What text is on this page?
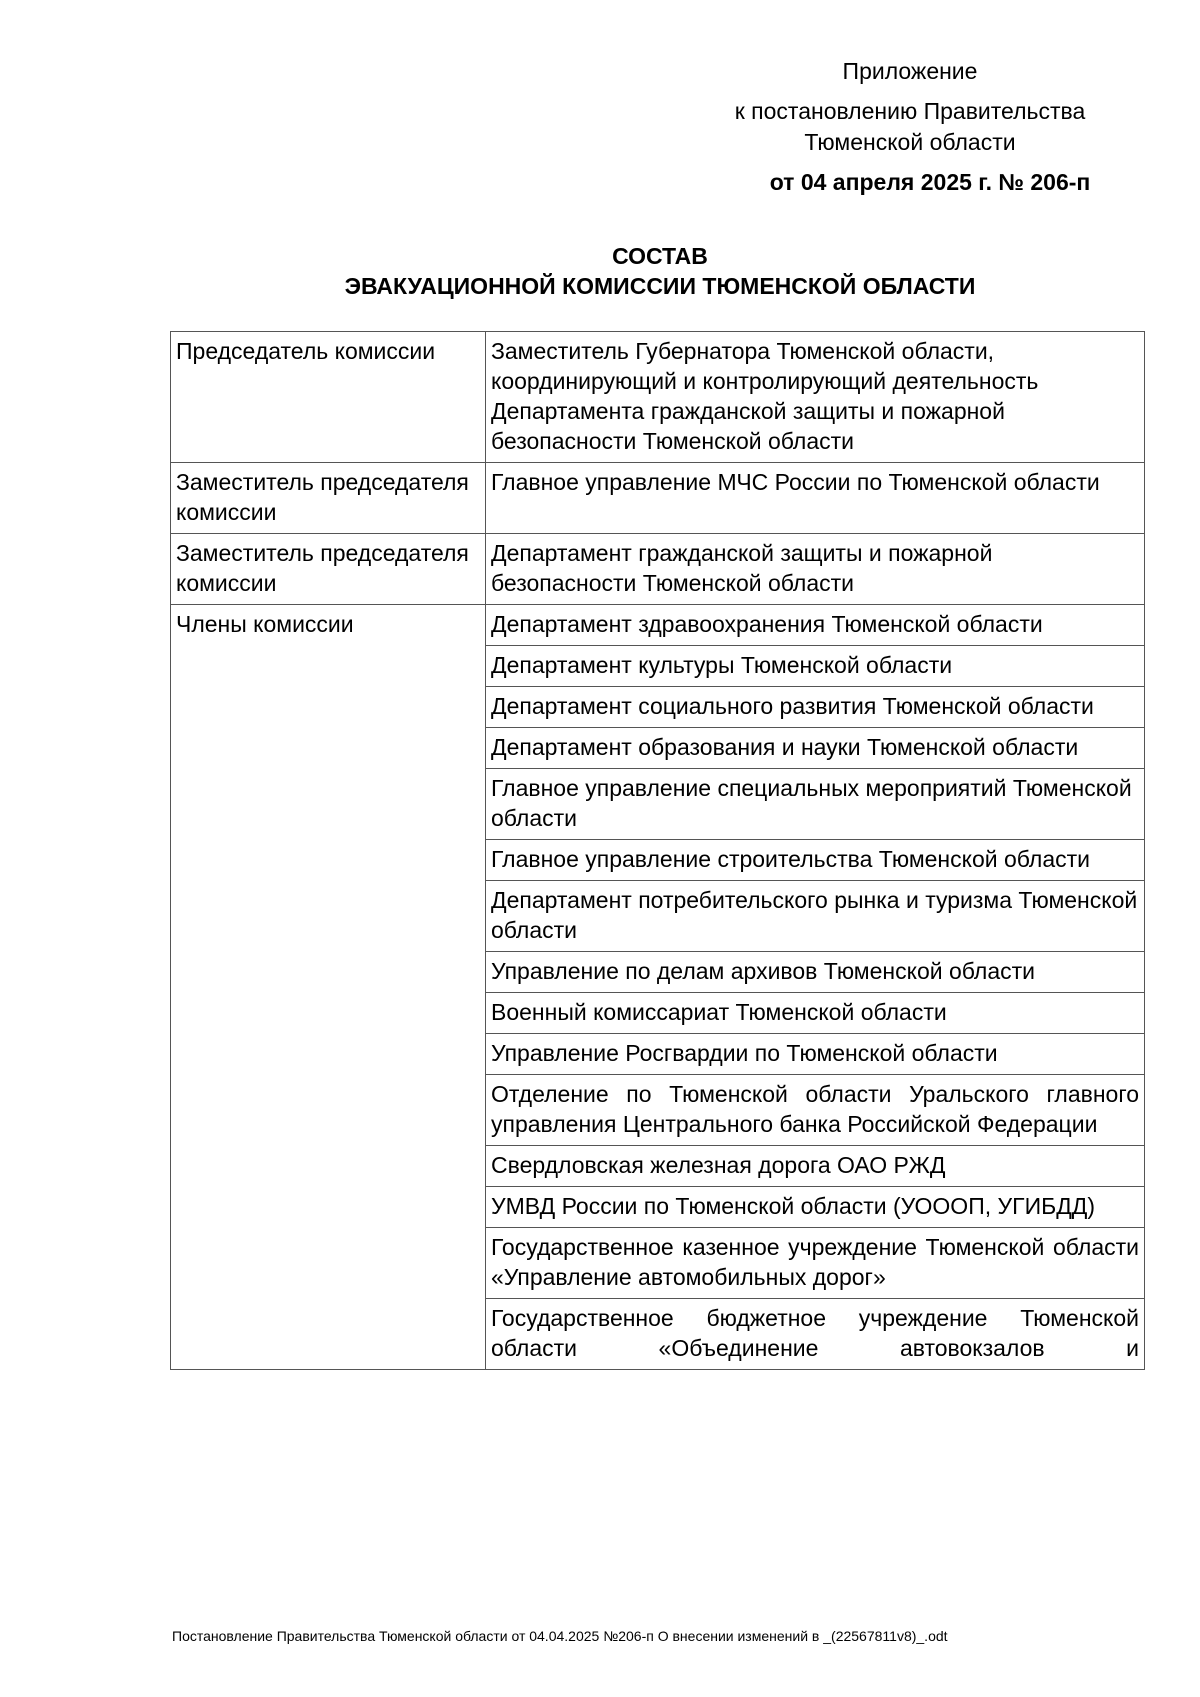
Приложение
к постановлению Правительства
Тюменской области
от 04 апреля 2025 г. № 206-п
СОСТАВ
ЭВАКУАЦИОННОЙ КОМИССИИ ТЮМЕНСКОЙ ОБЛАСТИ
Председатель комиссии	Заместитель Губернатора Тюменской области, координирующий и контролирующий деятельность Департамента гражданской защиты и пожарной безопасности Тюменской области
Заместитель председателя комиссии	Главное управление МЧС России по Тюменской области
Заместитель председателя комиссии	Департамент гражданской защиты и пожарной безопасности Тюменской области
Члены комиссии	Департамент здравоохранения Тюменской области
	Департамент культуры Тюменской области
	Департамент социального развития Тюменской области
	Департамент образования и науки Тюменской области
	Главное управление специальных мероприятий Тюменской области
	Главное управление строительства Тюменской области
	Департамент потребительского рынка и туризма Тюменской области
	Управление по делам архивов Тюменской области
	Военный комиссариат Тюменской области
	Управление Росгвардии по Тюменской области
	Отделение по Тюменской области Уральского главного управления Центрального банка Российской Федерации
	Свердловская железная дорога ОАО РЖД
	УМВД России по Тюменской области (УОООП, УГИБДД)
	Государственное казенное учреждение Тюменской области «Управление автомобильных дорог»
	Государственное бюджетное учреждение Тюменской области «Объединение автовокзалов и
Постановление Правительства Тюменской области от 04.04.2025 №206-п О внесении изменений в _(22567811v8)_.odt
